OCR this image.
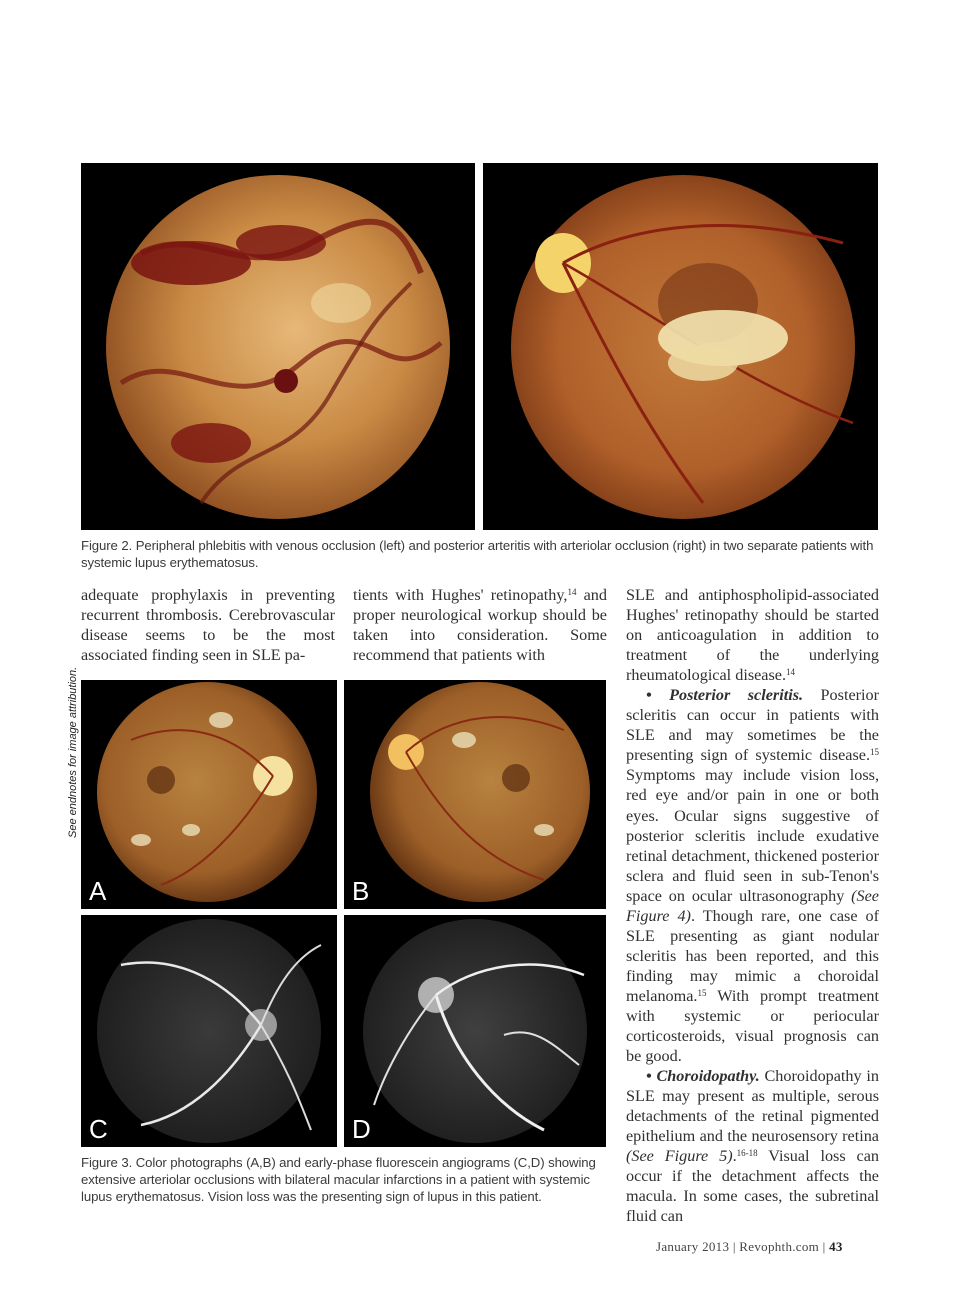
Figure 2. Peripheral phlebitis with venous occlusion (left) and posterior arteritis with arteriolar occlusion (right) in two separate patients with systemic lupus erythematosus.

adequate prophylaxis in preventing recurrent thrombosis. Cerebrovascular disease seems to be the most associated finding seen in SLE pa-

tients with Hughes' retinopathy,$^{14}$ and proper neurological workup should be taken into consideration. Some recommend that patients with

SLE and antiphospholipid-associated Hughes' retinopathy should be started on anticoagulation in addition to treatment of the underlying rheumatological disease.$^{14}$

• Posterior scleritis. Posterior scleritis can occur in patients with SLE and may sometimes be the presenting sign of systemic disease.$^{15}$ Symptoms may include vision loss, red eye and/or pain in one or both eyes. Ocular signs suggestive of posterior scleritis include exudative retinal detachment, thickened posterior sclera and fluid seen in sub-Tenon's space on ocular ultrasonography (See Figure 4). Though rare, one case of SLE presenting as giant nodular scleritis has been reported, and this finding may mimic a choroidal melanoma.$^{15}$ With prompt treatment with systemic or periocular corticosteroids, visual prognosis can be good.

• Choroidopathy. Choroidopathy in SLE may present as multiple, serous detachments of the retinal pigmented epithelium and the neurosensory retina (See Figure 5).$^{16-18}$ Visual loss can occur if the detachment affects the macula. In some cases, the subretinal fluid can

See endnotes for image attribution.
A	B
C	D
Figure 3. Color photographs (A,B) and early-phase fluorescein angiograms (C,D) showing extensive arteriolar occlusions with bilateral macular infarctions in a patient with systemic lupus erythematosus. Vision loss was the presenting sign of lupus in this patient.
January 2013 | Revophth.com | 43
